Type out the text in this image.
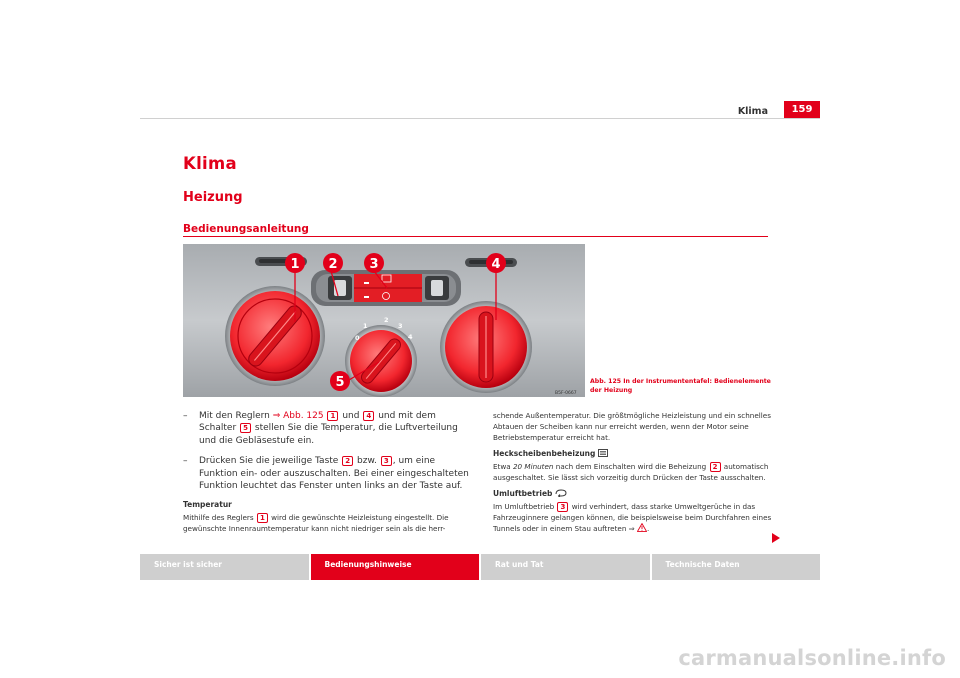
Klima	159
Klima
Heizung
Bedienungsanleitung
0
1
2
3
4
1 2 3	4
5
B5F-0667
Abb. 125 In der Instrumententafel: Bedienelemente der Heizung
–	Mit den Reglern ⇒ Abb. 125 1 und 4 und mit dem Schalter 5 stellen Sie die Temperatur, die Luftverteilung und die Gebläsestufe ein.
–	Drücken Sie die jeweilige Taste 2 bzw. 3 , um eine Funktion ein- oder auszuschalten. Bei einer eingeschalteten Funktion leuchtet das Fenster unten links an der Taste auf.
Temperatur
Mithilfe des Reglers 1 wird die gewünschte Heizleistung eingestellt. Die gewünschte Innenraumtemperatur kann nicht niedriger sein als die herr-
schende Außentemperatur. Die größtmögliche Heizleistung und ein schnelles Abtauen der Scheiben kann nur erreicht werden, wenn der Motor seine Betriebstemperatur erreicht hat.
Heckscheibenbeheizung
Etwa 20 Minuten nach dem Einschalten wird die Beheizung 2 automatisch ausgeschaltet. Sie lässt sich vorzeitig durch Drücken der Taste ausschalten.
Umluftbetrieb
Im Umluftbetrieb 3 wird verhindert, dass starke Umweltgerüche in das Fahrzeuginnere gelangen können, die beispielsweise beim Durchfahren eines Tunnels oder in einem Stau auftreten ⇒ .
Sicher ist sicher	Bedienungshinweise	Rat und Tat	Technische Daten
carmanualsonline.info
